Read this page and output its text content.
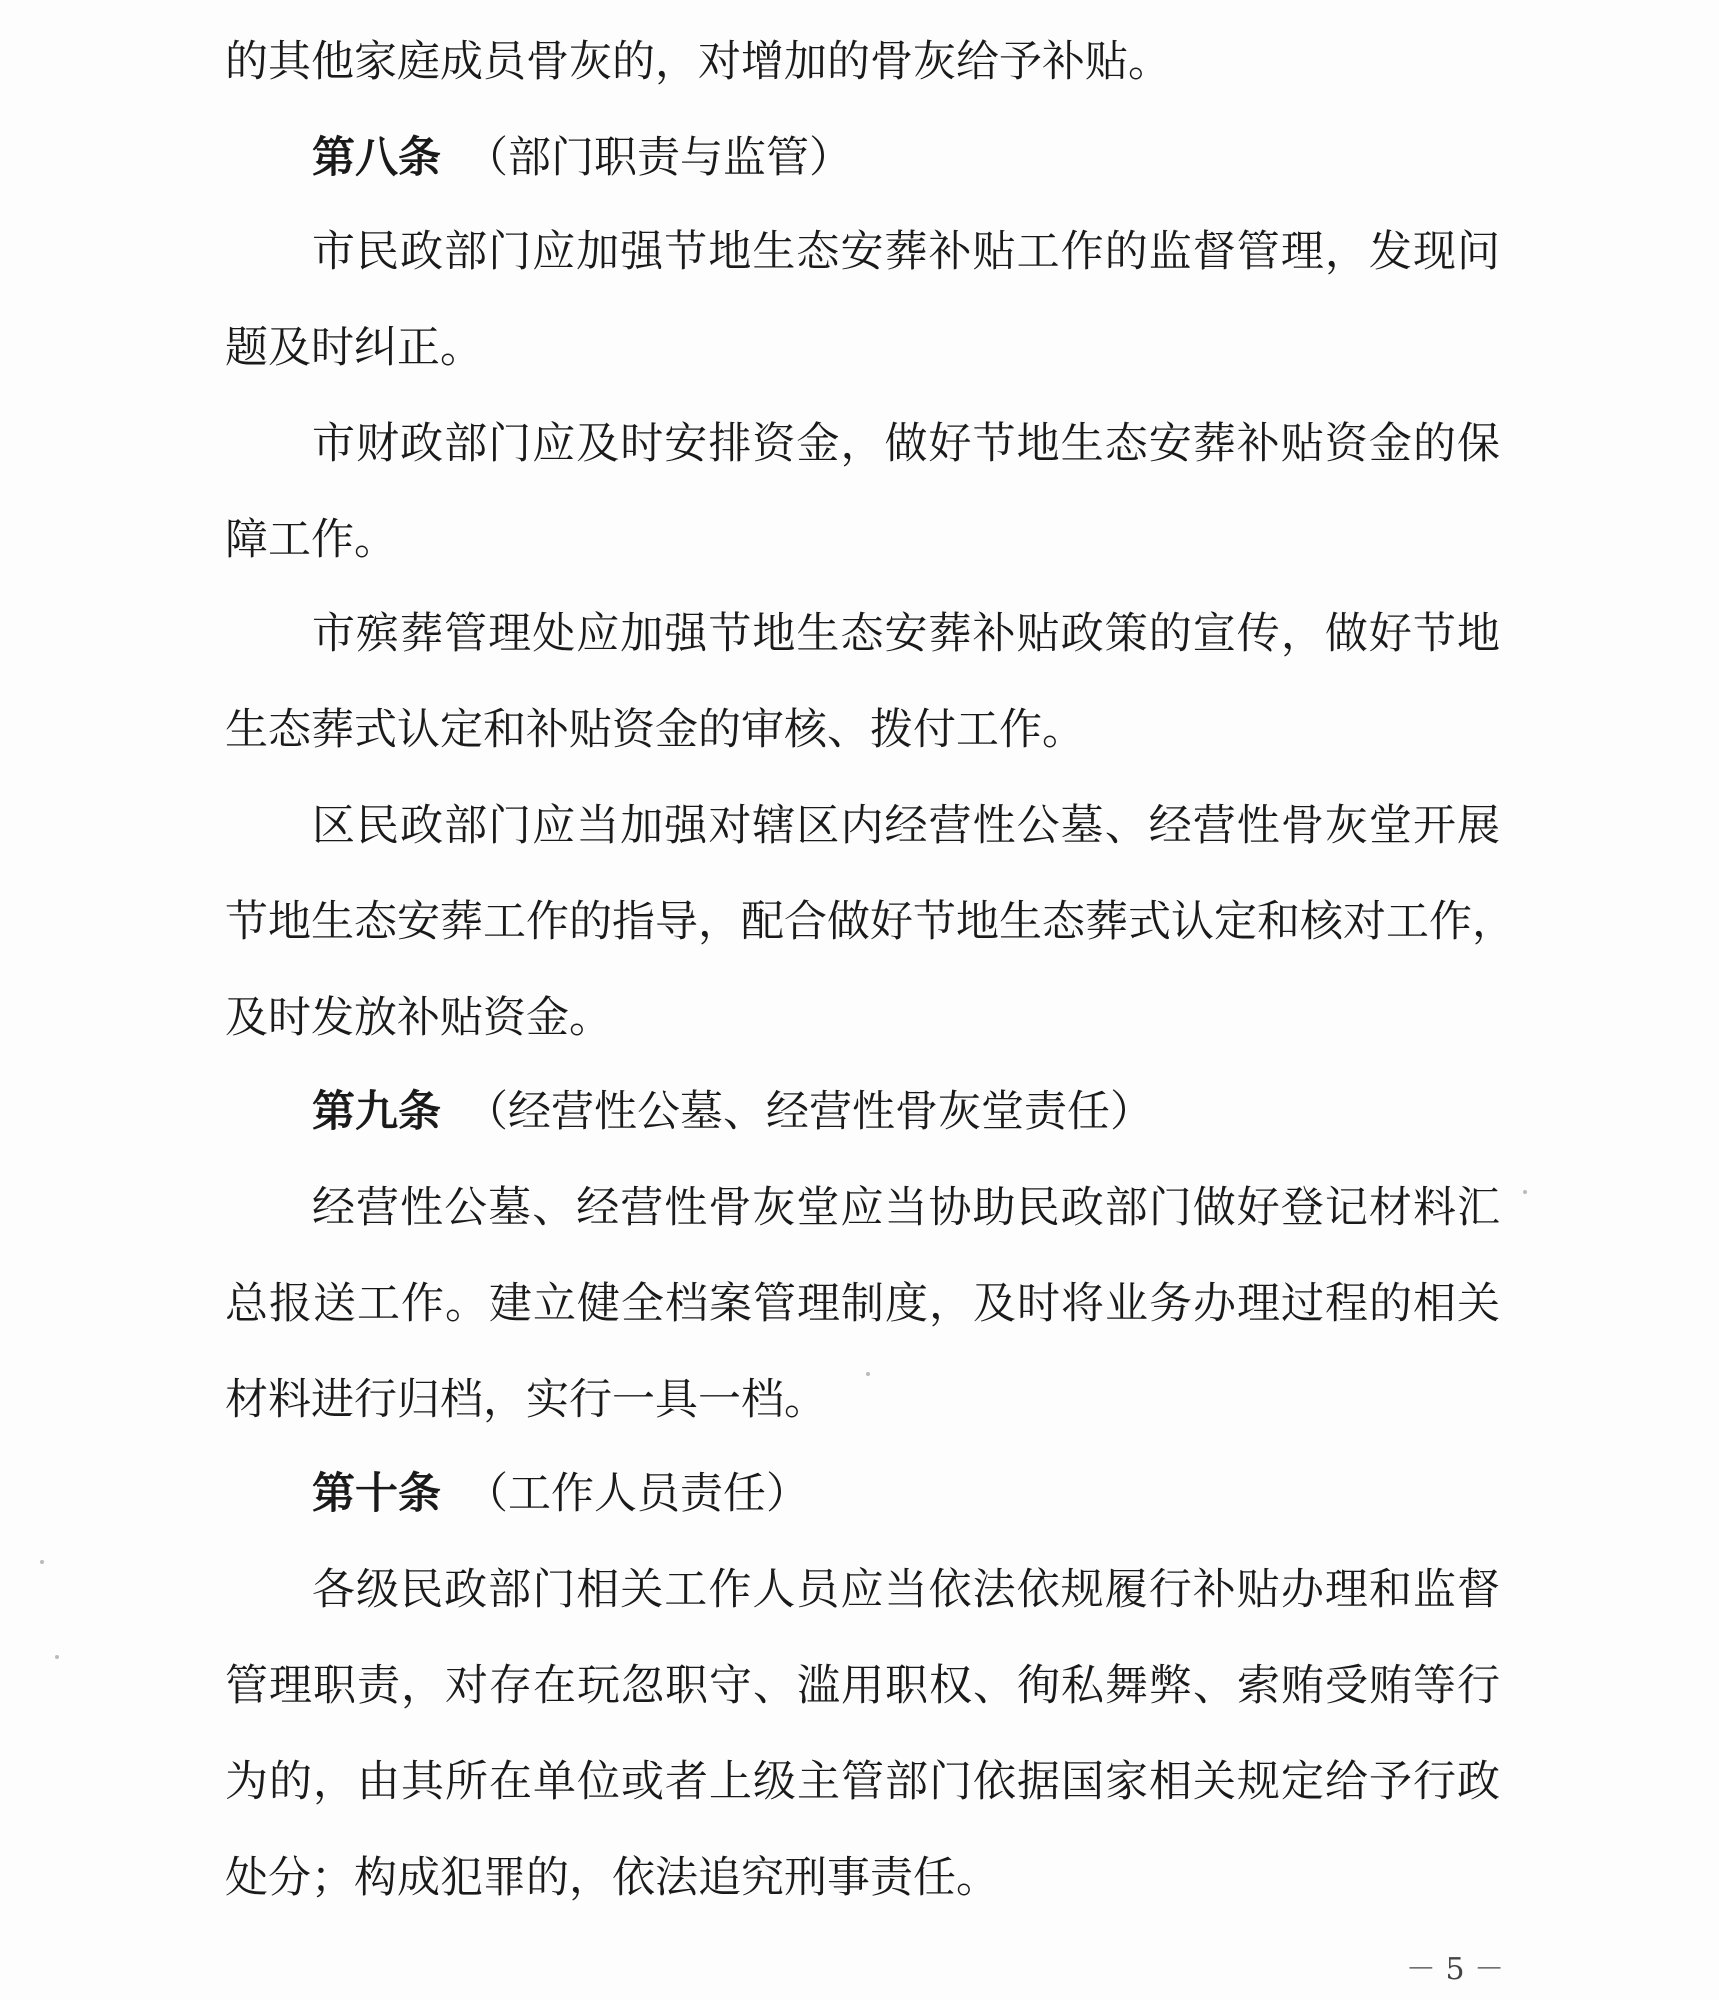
的其他家庭成员骨灰的，对增加的骨灰给予补贴。
第八条 （部门职责与监管）
市民政部门应加强节地生态安葬补贴工作的监督管理，发现问
题及时纠正。
市财政部门应及时安排资金，做好节地生态安葬补贴资金的保
障工作。
市殡葬管理处应加强节地生态安葬补贴政策的宣传，做好节地
生态葬式认定和补贴资金的审核、拨付工作。
区民政部门应当加强对辖区内经营性公墓、经营性骨灰堂开展
节地生态安葬工作的指导，配合做好节地生态葬式认定和核对工作，
及时发放补贴资金。
第九条 （经营性公墓、经营性骨灰堂责任）
经营性公墓、经营性骨灰堂应当协助民政部门做好登记材料汇
总报送工作。建立健全档案管理制度，及时将业务办理过程的相关
材料进行归档，实行一具一档。
第十条 （工作人员责任）
各级民政部门相关工作人员应当依法依规履行补贴办理和监督
管理职责，对存在玩忽职守、滥用职权、徇私舞弊、索贿受贿等行
为的，由其所在单位或者上级主管部门依据国家相关规定给予行政
处分；构成犯罪的，依法追究刑事责任。
－ 5 －
